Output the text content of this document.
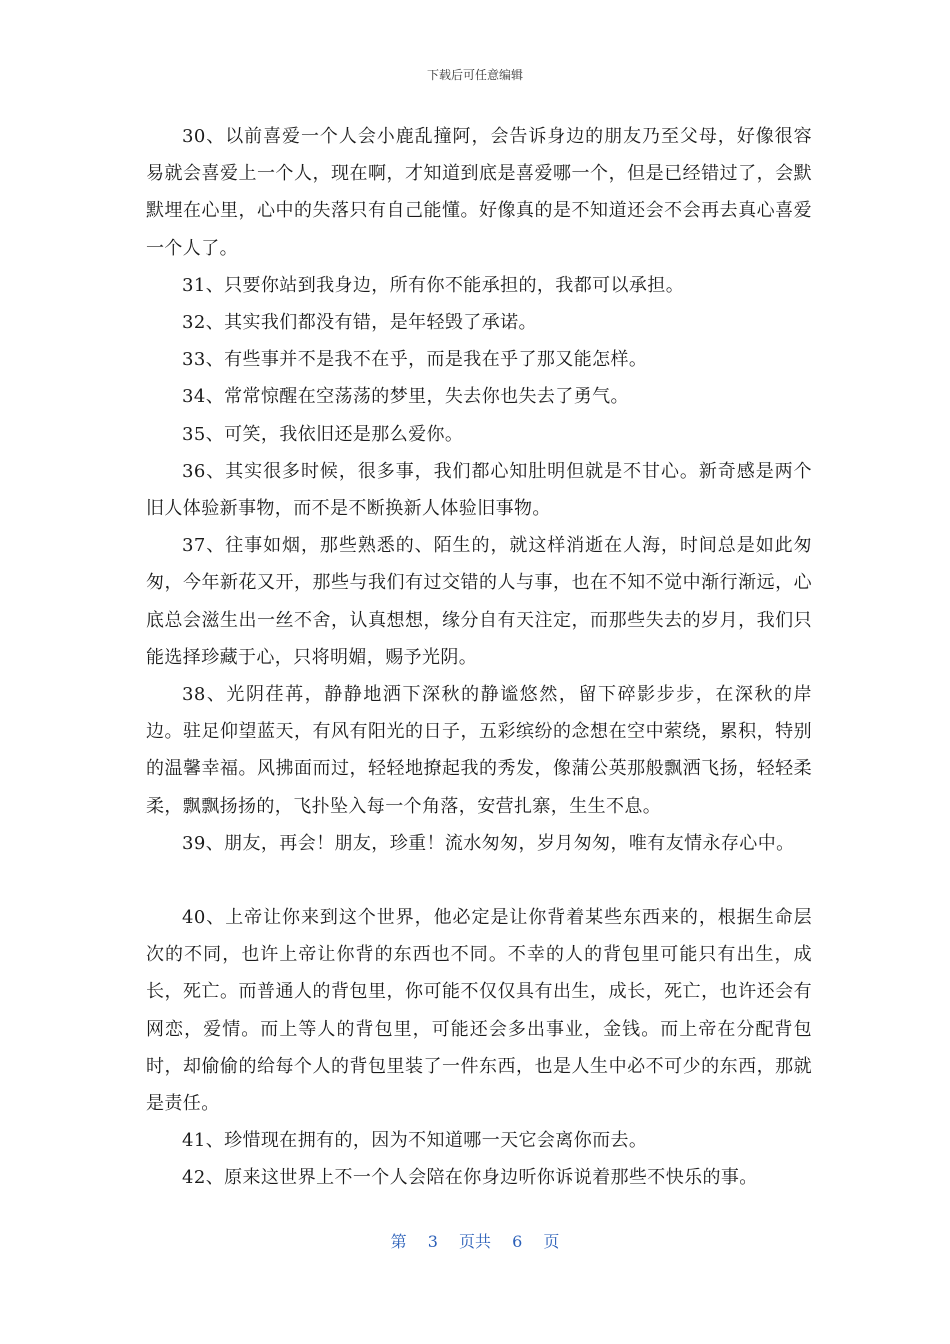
下载后可任意编辑

30、以前喜爱一个人会小鹿乱撞阿，会告诉身边的朋友乃至父母，好像很容易就会喜爱上一个人，现在啊，才知道到底是喜爱哪一个，但是已经错过了，会默默埋在心里，心中的失落只有自己能懂。好像真的是不知道还会不会再去真心喜爱一个人了。

31、只要你站到我身边，所有你不能承担的，我都可以承担。

32、其实我们都没有错，是年轻毁了承诺。

33、有些事并不是我不在乎，而是我在乎了那又能怎样。

34、常常惊醒在空荡荡的梦里，失去你也失去了勇气。

35、可笑，我依旧还是那么爱你。

36、其实很多时候，很多事，我们都心知肚明但就是不甘心。新奇感是两个旧人体验新事物，而不是不断换新人体验旧事物。

37、往事如烟，那些熟悉的、陌生的，就这样消逝在人海，时间总是如此匆匆，今年新花又开，那些与我们有过交错的人与事，也在不知不觉中渐行渐远，心底总会滋生出一丝不舍，认真想想，缘分自有天注定，而那些失去的岁月，我们只能选择珍藏于心，只将明媚，赐予光阴。

38、光阴荏苒，静静地洒下深秋的静谧悠然，留下碎影步步，在深秋的岸边。驻足仰望蓝天，有风有阳光的日子，五彩缤纷的念想在空中萦绕，累积，特别的温馨幸福。风拂面而过，轻轻地撩起我的秀发，像蒲公英那般飘洒飞扬，轻轻柔柔，飘飘扬扬的，飞扑坠入每一个角落，安营扎寨，生生不息。

39、朋友，再会！朋友，珍重！流水匆匆，岁月匆匆，唯有友情永存心中。

40、上帝让你来到这个世界，他必定是让你背着某些东西来的，根据生命层次的不同，也许上帝让你背的东西也不同。不幸的人的背包里可能只有出生，成长，死亡。而普通人的背包里，你可能不仅仅具有出生，成长，死亡，也许还会有网恋，爱情。而上等人的背包里，可能还会多出事业，金钱。而上帝在分配背包时，却偷偷的给每个人的背包里装了一件东西，也是人生中必不可少的东西，那就是责任。

41、珍惜现在拥有的，因为不知道哪一天它会离你而去。

42、原来这世界上不一个人会陪在你身边听你诉说着那些不快乐的事。

第 3 页共 6 页
